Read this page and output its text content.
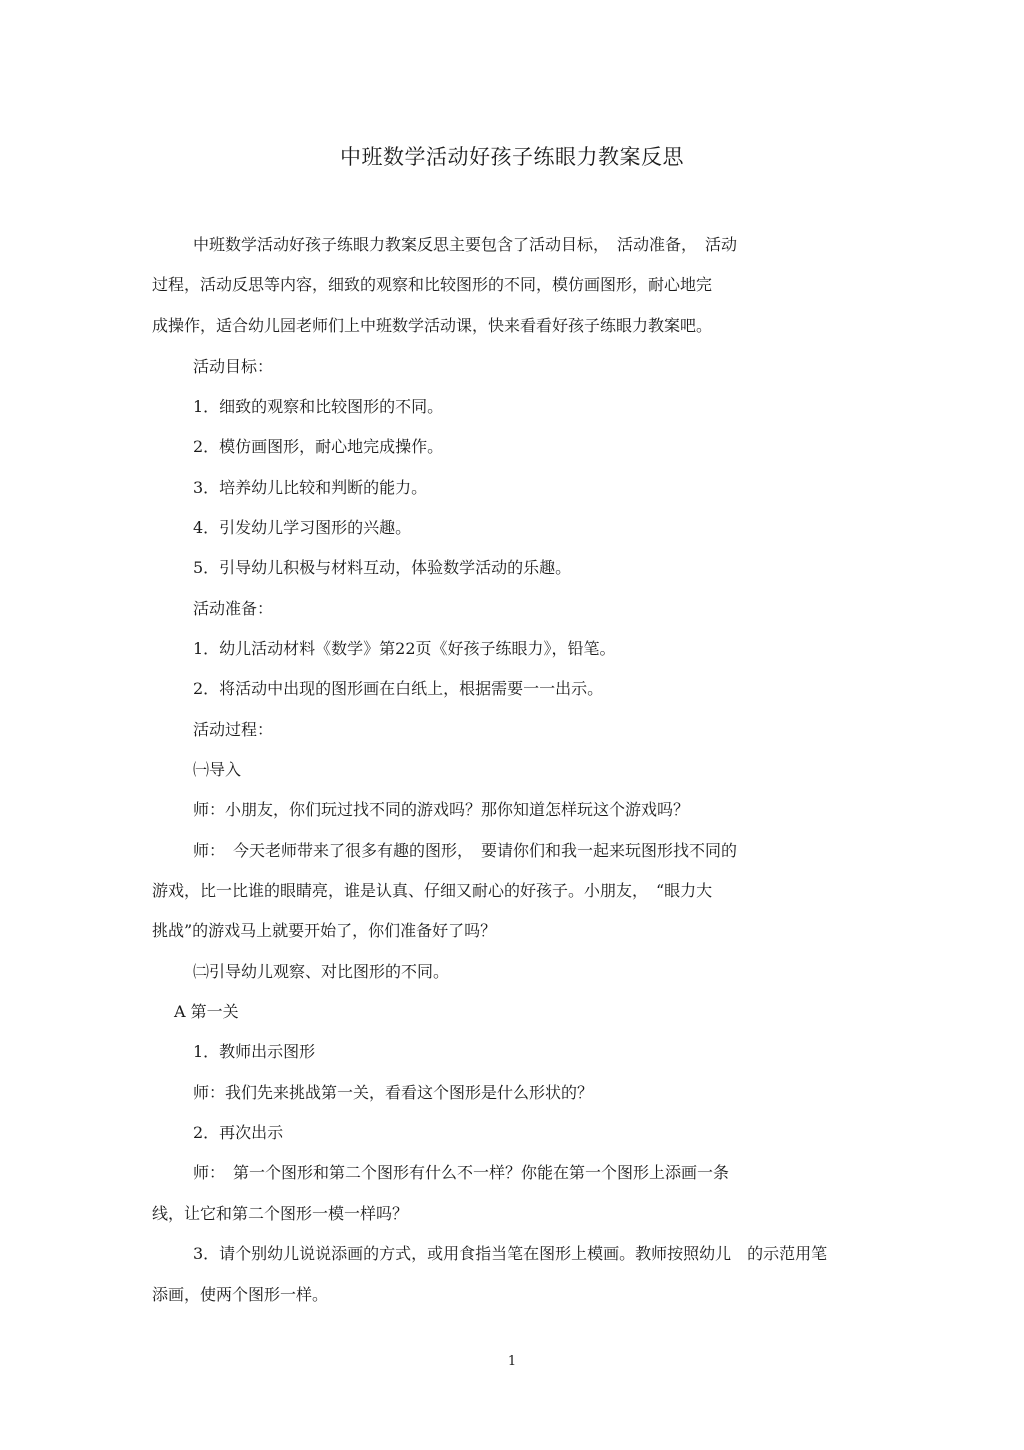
中班数学活动好孩子练眼力教案反思
中班数学活动好孩子练眼力教案反思主要包含了活动目标，　活动准备，　活动
过程，活动反思等内容，细致的观察和比较图形的不同，模仿画图形，耐心地完
成操作，适合幼儿园老师们上中班数学活动课，快来看看好孩子练眼力教案吧。
活动目标：
1．细致的观察和比较图形的不同。
2．模仿画图形，耐心地完成操作。
3．培养幼儿比较和判断的能力。
4．引发幼儿学习图形的兴趣。
5．引导幼儿积极与材料互动，体验数学活动的乐趣。
活动准备：
1．幼儿活动材料《数学》第22页《好孩子练眼力》，铅笔。
2．将活动中出现的图形画在白纸上，根据需要一一出示。
活动过程：
㈠导入
师：小朋友，你们玩过找不同的游戏吗？那你知道怎样玩这个游戏吗？
师：　今天老师带来了很多有趣的图形，　要请你们和我一起来玩图形找不同的
游戏，比一比谁的眼睛亮，谁是认真、仔细又耐心的好孩子。小朋友，　“眼力大
挑战”的游戏马上就要开始了，你们准备好了吗？
㈡引导幼儿观察、对比图形的不同。
A 第一关
1．教师出示图形
师：我们先来挑战第一关，看看这个图形是什么形状的？
2．再次出示
师：　第一个图形和第二个图形有什么不一样？你能在第一个图形上添画一条
线，让它和第二个图形一模一样吗？
3．请个别幼儿说说添画的方式，或用食指当笔在图形上模画。教师按照幼儿　的示范用笔
添画，使两个图形一样。
1
